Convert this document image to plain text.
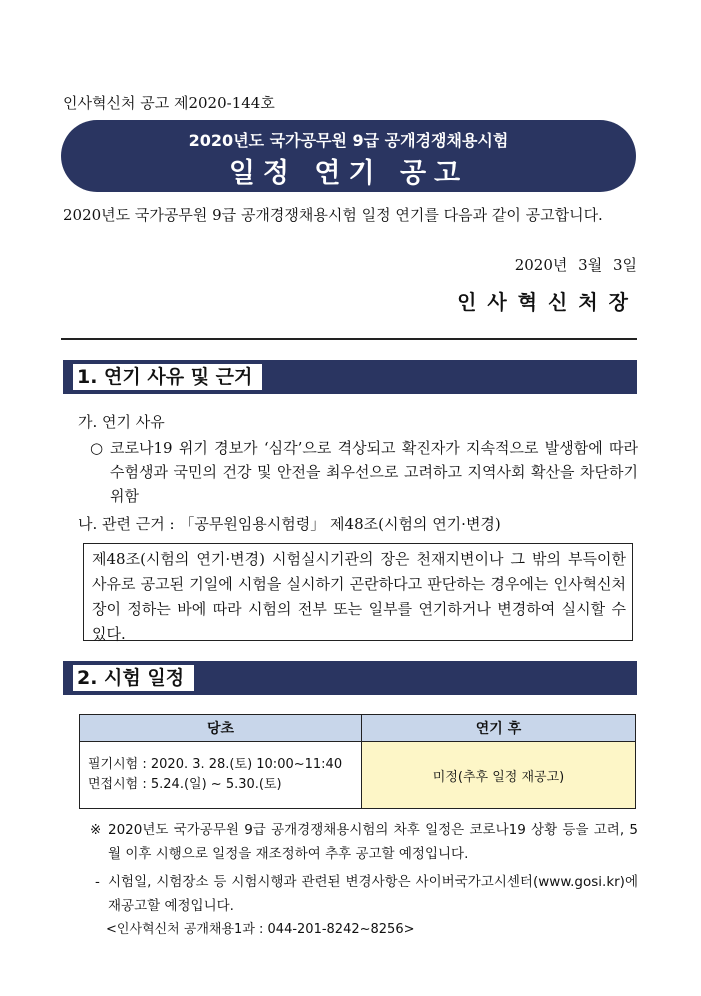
인사혁신처 공고 제2020-144호
2020년도 국가공무원 9급 공개경쟁채용시험
일정 연기 공고
2020년도 국가공무원 9급 공개경쟁채용시험 일정 연기를 다음과 같이 공고합니다.
2020년 3월 3일
인사혁신처장
1. 연기 사유 및 근거
가. 연기 사유
○ 코로나19 위기 경보가 ‘심각’으로 격상되고 확진자가 지속적으로 발생함에 따라 수험생과 국민의 건강 및 안전을 최우선으로 고려하고 지역사회 확산을 차단하기 위함
나. 관련 근거 : 「공무원임용시험령」 제48조(시험의 연기·변경)
제48조(시험의 연기·변경) 시험실시기관의 장은 천재지변이나 그 밖의 부득이한 사유로 공고된 기일에 시험을 실시하기 곤란하다고 판단하는 경우에는 인사혁신처장이 정하는 바에 따라 시험의 전부 또는 일부를 연기하거나 변경하여 실시할 수 있다.
2. 시험 일정
당초	연기 후

필기시험 : 2020. 3. 28.(토) 10:00~11:40
면접시험 : 5.24.(일) ~ 5.30.(토)	미정(추후 일정 재공고)
※ 2020년도 국가공무원 9급 공개경쟁채용시험의 차후 일정은 코로나19 상황 등을 고려, 5월 이후 시행으로 일정을 재조정하여 추후 공고할 예정입니다.
- 시험일, 시험장소 등 시험시행과 관련된 변경사항은 사이버국가고시센터(www.gosi.kr)에 재공고할 예정입니다.
<인사혁신처 공개채용1과 : 044-201-8242~8256>
